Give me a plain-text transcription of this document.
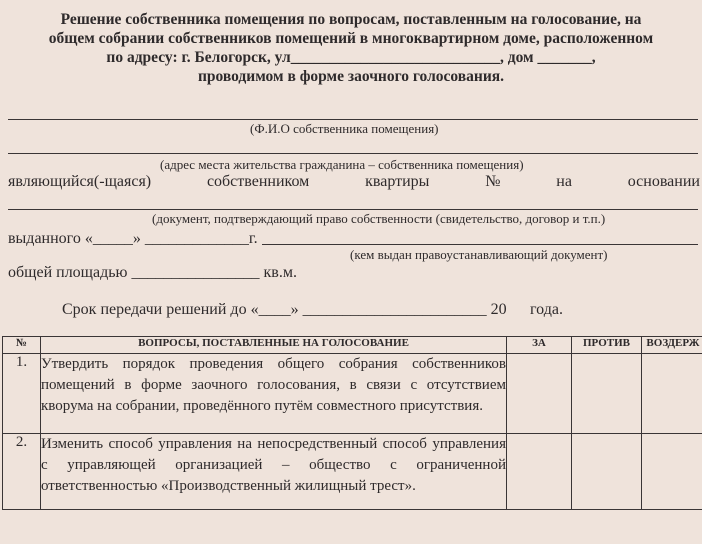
Решение собственника помещения по вопросам, поставленным на голосование, на
общем собрании собственников помещений в многоквартирном доме, расположенном
по адресу: г. Белогорск, ул___________________________, дом _______,
проводимом в форме заочного голосования.
(Ф.И.О собственника помещения)
(адрес места жительства гражданина – собственника помещения)
являющийся(-щаяся)	собственником	квартиры	№	на	основании
(документ, подтверждающий право собственности (свидетельство, договор и т.п.)
выданного «_____» _____________г.
(кем выдан правоустанавливающий документ)
общей площадью ________________ кв.м.
Срок передачи решений до «____» _______________________ 20 года.
№	ВОПРОСЫ, ПОСТАВЛЕННЫЕ НА ГОЛОСОВАНИЕ	ЗА	ПРОТИВ	ВОЗДЕРЖ
1.	Утвердить порядок проведения общего собрания собственников помещений в форме заочного голосования, в связи с отсутствием кворума на собрании, проведённого путём совместного присутствия.			
2.	Изменить способ управления на непосредственный способ управления с управляющей организацией – общество с ограниченной ответственностью «Производственный жилищный трест».			
